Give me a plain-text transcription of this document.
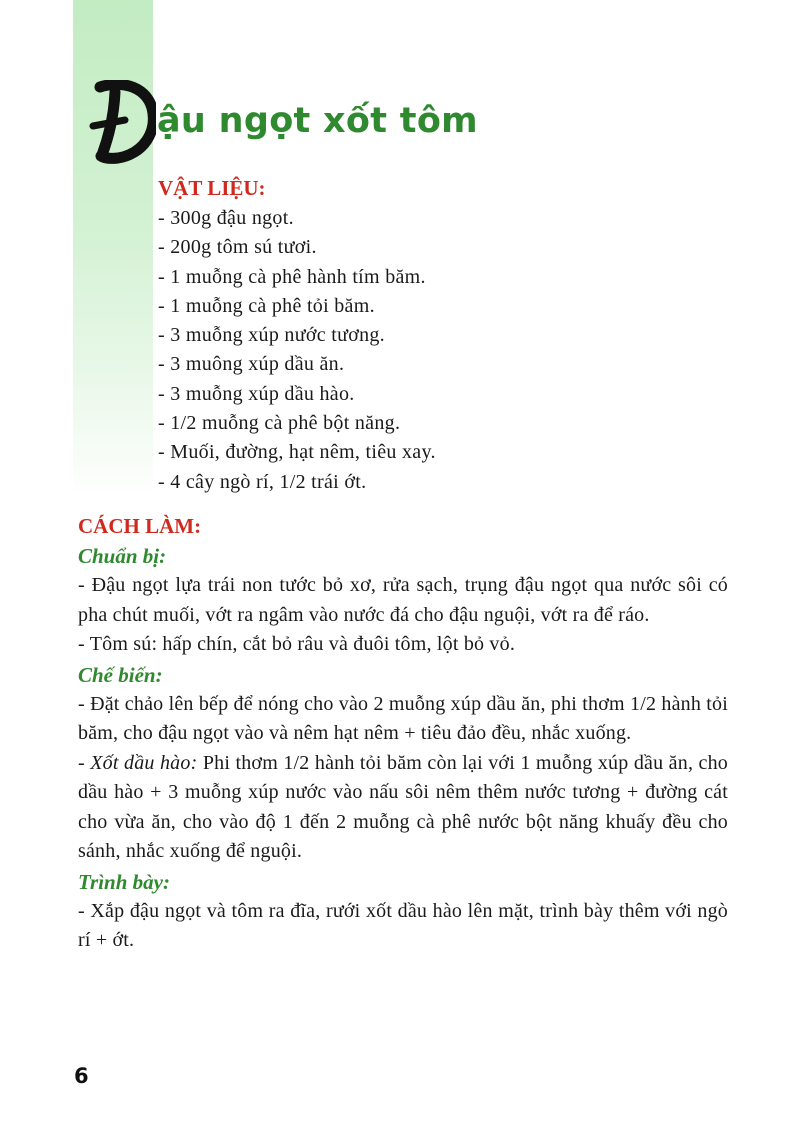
ậu ngọt xốt tôm
VẬT LIỆU:
- 300g đậu ngọt.
- 200g tôm sú tươi.
- 1 muỗng cà phê hành tím băm.
- 1 muỗng cà phê tỏi băm.
- 3 muỗng xúp nước tương.
- 3 muông xúp dầu ăn.
- 3 muỗng xúp dầu hào.
- 1/2 muỗng cà phê bột năng.
- Muối, đường, hạt nêm, tiêu xay.
- 4 cây ngò rí, 1/2 trái ớt.
CÁCH LÀM:
Chuẩn bị:

- Đậu ngọt lựa trái non tước bỏ xơ, rửa sạch, trụng đậu ngọt qua nước sôi có pha chút muối, vớt ra ngâm vào nước đá cho đậu nguội, vớt ra để ráo.

- Tôm sú: hấp chín, cắt bỏ râu và đuôi tôm, lột bỏ vỏ.

Chế biến:

- Đặt chảo lên bếp để nóng cho vào 2 muỗng xúp dầu ăn, phi thơm 1/2 hành tỏi băm, cho đậu ngọt vào và nêm hạt nêm + tiêu đảo đều, nhắc xuống.

- Xốt dầu hào: Phi thơm 1/2 hành tỏi băm còn lại với 1 muỗng xúp dầu ăn, cho dầu hào + 3 muỗng xúp nước vào nấu sôi nêm thêm nước tương + đường cát cho vừa ăn, cho vào độ 1 đến 2 muỗng cà phê nước bột năng khuấy đều cho sánh, nhắc xuống để nguội.

Trình bày:

- Xắp đậu ngọt và tôm ra đĩa, rưới xốt dầu hào lên mặt, trình bày thêm với ngò rí + ớt.

6
